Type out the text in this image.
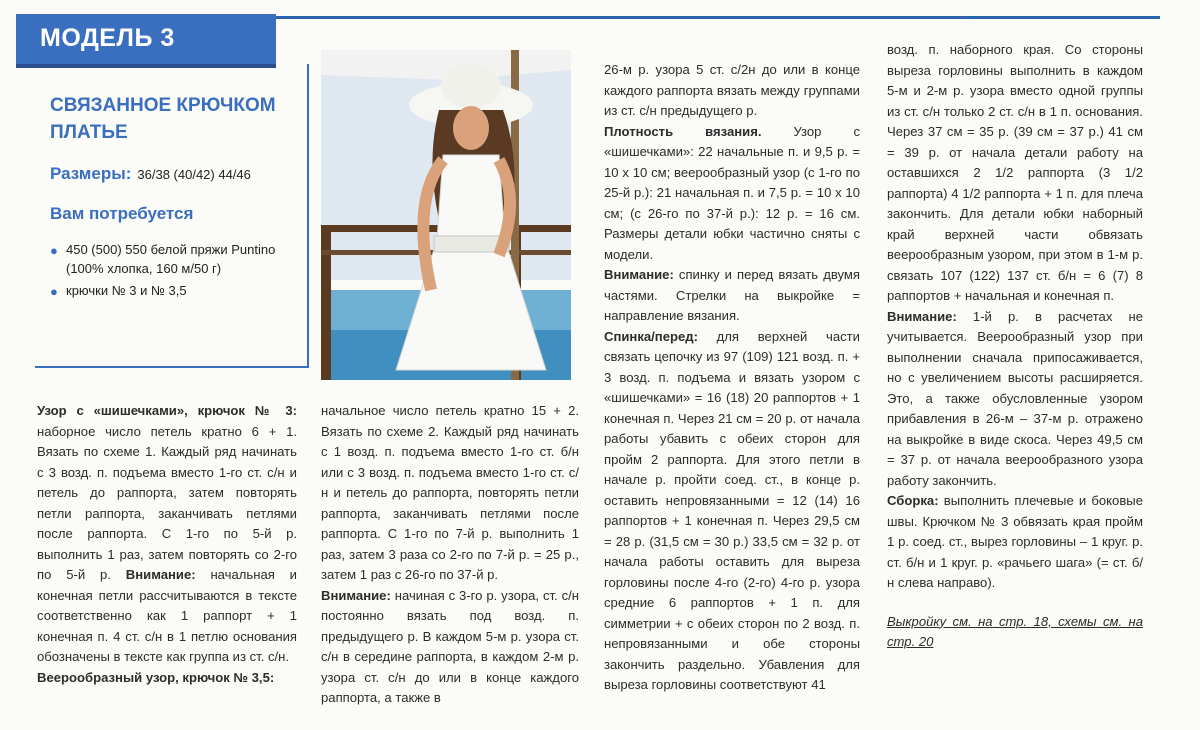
·
МОДЕЛЬ 3
СВЯЗАННОЕ КРЮЧКОМ ПЛАТЬЕ
Размеры: 36/38 (40/42) 44/46
Вам потребуется
● 450 (500) 550 белой пряжи Puntino (100% хлопка, 160 м/50 г)
● крючки № 3 и № 3,5

Узор с «шишечками», крючок № 3: наборное число петель кратно 6 + 1. Вязать по схеме 1. Каждый ряд начинать с 3 возд. п. подъема вместо 1-го ст. с/н и петель до раппорта, затем повторять петли раппорта, заканчивать петлями после раппорта. С 1-го по 5-й р. выполнить 1 раз, затем повторять со 2-го по 5-й р. Внимание: начальная и конечная петли рассчитываются в тексте соответственно как 1 раппорт + 1 конечная п. 4 ст. с/н в 1 петлю основания обозначены в тексте как группа из ст. с/н.

Веерообразный узор, крючок № 3,5:

начальное число петель кратно 15 + 2. Вязать по схеме 2. Каждый ряд начинать с 1 возд. п. подъема вместо 1-го ст. б/н или с 3 возд. п. подъема вместо 1-го ст. с/н и петель до раппорта, повторять петли раппорта, заканчивать петлями после раппорта. С 1-го по 7-й р. выполнить 1 раз, затем 3 раза со 2-го по 7-й р. = 25 р., затем 1 раз с 26-го по 37-й р.

Внимание: начиная с 3-го р. узора, ст. с/н постоянно вязать под возд. п. предыдущего р. В каждом 5-м р. узора ст. с/н в середине раппорта, в каждом 2-м р. узора ст. с/н до или в конце каждого раппорта, а также в

26-м р. узора 5 ст. с/2н до или в конце каждого раппорта вязать между группами из ст. с/н предыдущего р.

Плотность вязания. Узор с «шишечками»: 22 начальные п. и 9,5 р. = 10 х 10 см; веерообразный узор (с 1-го по 25-й р.): 21 начальная п. и 7,5 р. = 10 х 10 см; (с 26-го по 37-й р.): 12 р. = 16 см. Размеры детали юбки частично сняты с модели.

Внимание: спинку и перед вязать двумя частями. Стрелки на выкройке = направление вязания.

Спинка/перед: для верхней части связать цепочку из 97 (109) 121 возд. п. + 3 возд. п. подъема и вязать узором с «шишечками» = 16 (18) 20 раппортов + 1 конечная п. Через 21 см = 20 р. от начала работы убавить с обеих сторон для пройм 2 раппорта. Для этого петли в начале р. пройти соед. ст., в конце р. оставить непровязанными = 12 (14) 16 раппортов + 1 конечная п. Через 29,5 см = 28 р. (31,5 см = 30 р.) 33,5 см = 32 р. от начала работы оставить для выреза горловины после 4-го (2-го) 4-го р. узора средние 6 раппортов + 1 п. для симметрии + с обеих сторон по 2 возд. п. непровязанными и обе стороны закончить раздельно. Убавления для выреза горловины соответствуют 41

возд. п. наборного края. Со стороны выреза горловины выполнить в каждом 5-м и 2-м р. узора вместо одной группы из ст. с/н только 2 ст. с/н в 1 п. основания. Через 37 см = 35 р. (39 см = 37 р.) 41 см = 39 р. от начала детали работу на оставшихся 2 1/2 раппорта (3 1/2 раппорта) 4 1/2 раппорта + 1 п. для плеча закончить. Для детали юбки наборный край верхней части обвязать веерообразным узором, при этом в 1-м р. связать 107 (122) 137 ст. б/н = 6 (7) 8 раппортов + начальная и конечная п.

Внимание: 1-й р. в расчетах не учитывается. Веерообразный узор при выполнении сначала припосаживается, но с увеличением высоты расширяется. Это, а также обусловленные узором прибавления в 26-м – 37-м р. отражено на выкройке в виде скоса. Через 49,5 см = 37 р. от начала веерообразного узора работу закончить.

Сборка: выполнить плечевые и боковые швы. Крючком № 3 обвязать края пройм 1 р. соед. ст., вырез горловины – 1 круг. р. ст. б/н и 1 круг. р. «рачьего шага» (= ст. б/н слева направо).

Выкройку см. на стр. 18, схемы см. на стр. 20
